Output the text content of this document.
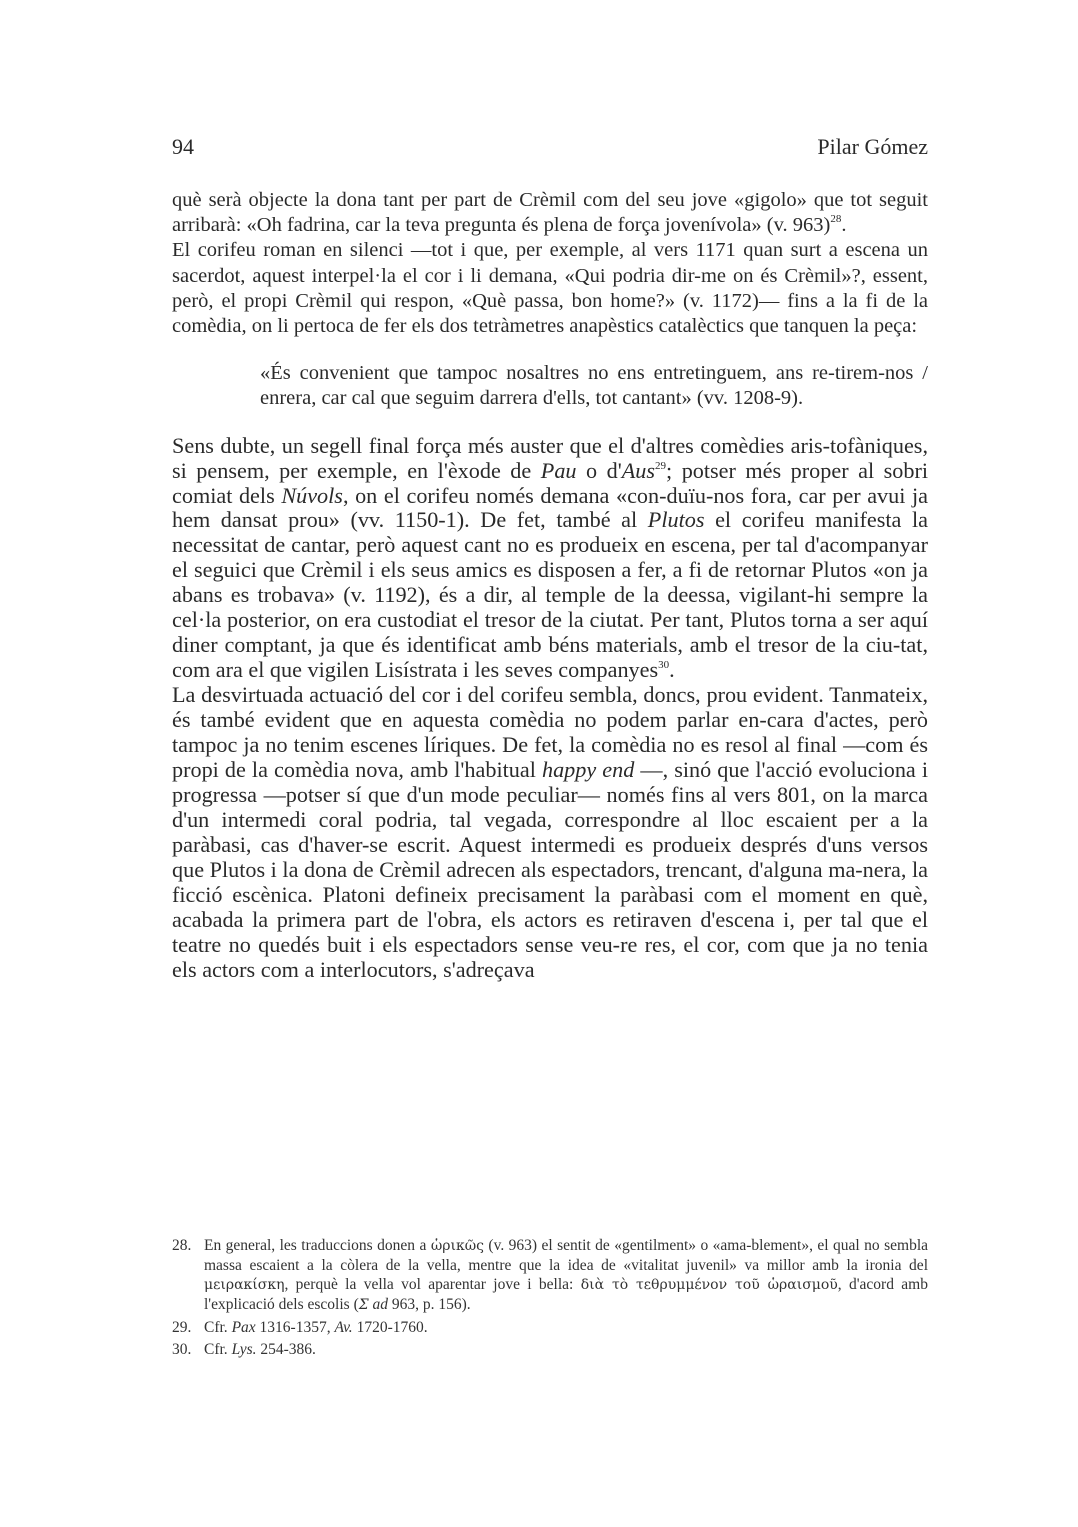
94	Pilar Gómez

què serà objecte la dona tant per part de Crèmil com del seu jove «gigolo» que tot seguit arribarà: «Oh fadrina, car la teva pregunta és plena de força jovenívola» (v. 963)$^{28}$.

El corifeu roman en silenci —tot i que, per exemple, al vers 1171 quan surt a escena un sacerdot, aquest interpel·la el cor i li demana, «Qui podria dir-me on és Crèmil»?, essent, però, el propi Crèmil qui respon, «Què passa, bon home?» (v. 1172)— fins a la fi de la comèdia, on li pertoca de fer els dos tetràmetres anapèstics catalèctics que tanquen la peça:

«És convenient que tampoc nosaltres no ens entretinguem, ans re-tirem-nos / enrera, car cal que seguim darrera d'ells, tot cantant» (vv. 1208-9).

Sens dubte, un segell final força més auster que el d'altres comèdies aris-tofàniques, si pensem, per exemple, en l'èxode de Pau o d'Aus$^{29}$; potser més proper al sobri comiat dels Núvols, on el corifeu només demana «con-duïu-nos fora, car per avui ja hem dansat prou» (vv. 1150-1). De fet, també al Plutos el corifeu manifesta la necessitat de cantar, però aquest cant no es produeix en escena, per tal d'acompanyar el seguici que Crèmil i els seus amics es disposen a fer, a fi de retornar Plutos «on ja abans es trobava» (v. 1192), és a dir, al temple de la deessa, vigilant-hi sempre la cel·la posterior, on era custodiat el tresor de la ciutat. Per tant, Plutos torna a ser aquí diner comptant, ja que és identificat amb béns materials, amb el tresor de la ciu-tat, com ara el que vigilen Lisístrata i les seves companyes$^{30}$.

La desvirtuada actuació del cor i del corifeu sembla, doncs, prou evident. Tanmateix, és també evident que en aquesta comèdia no podem parlar en-cara d'actes, però tampoc ja no tenim escenes líriques. De fet, la comèdia no es resol al final —com és propi de la comèdia nova, amb l'habitual happy end —, sinó que l'acció evoluciona i progressa —potser sí que d'un mode peculiar— només fins al vers 801, on la marca d'un intermedi coral podria, tal vegada, correspondre al lloc escaient per a la paràbasi, cas d'haver-se escrit. Aquest intermedi es produeix després d'uns versos que Plutos i la dona de Crèmil adrecen als espectadors, trencant, d'alguna ma-nera, la ficció escènica. Platoni defineix precisament la paràbasi com el moment en què, acabada la primera part de l'obra, els actors es retiraven d'escena i, per tal que el teatre no quedés buit i els espectadors sense veu-re res, el cor, com que ja no tenia els actors com a interlocutors, s'adreçava

28. En general, les traduccions donen a ὡρικῶς (v. 963) el sentit de «gentilment» o «ama-blement», el qual no sembla massa escaient a la còlera de la vella, mentre que la idea de «vitalitat juvenil» va millor amb la ironia del μειρακίσκη, perquè la vella vol aparentar jove i bella: διὰ τὸ τεθρυμμένον τοῦ ὡραισμοῦ, d'acord amb l'explicació dels escolis (Σ ad 963, p. 156).

29. Cfr. Pax 1316-1357, Av. 1720-1760.

30. Cfr. Lys. 254-386.
